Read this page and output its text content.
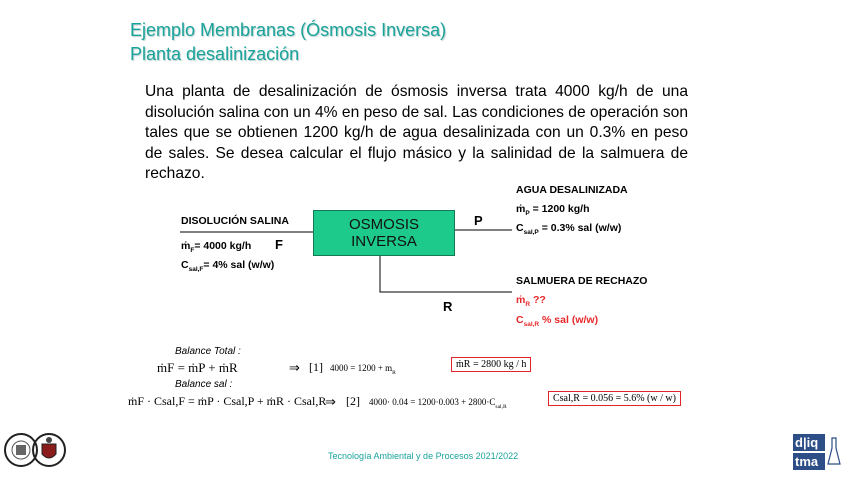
Ejemplo Membranas (Ósmosis Inversa)
Planta desalinización
Una planta de desalinización de ósmosis inversa trata 4000 kg/h de una disolución salina con un 4% en peso de sal. Las condiciones de operación son tales que se obtienen 1200 kg/h de agua desalinizada con un 0.3% en peso de sales. Se desea calcular el flujo másico y la salinidad de la salmuera de rechazo.
OSMOSIS
INVERSA
DISOLUCIÓN SALINA
F
ṁ$_F$= 4000 kg/h
$C_{sal,F}= 4\%$ sal (w/w)
AGUA DESALINIZADA
P
ṁ$_P$ = 1200 kg/h
$C_{sal,P} = 0.3\%$ sal (w/w)
SALMUERA DE RECHAZO
R	ṁ$_R$ ??
$C_{sal,R}$ % sal (w/w)
Balance Total :
ṁF = ṁP + ṁR	⇒ [1] $4000 = 1200 + m_R$
ṁR = 2800 kg / h
Balance sal :
ṁF · Csal,F = ṁP · Csal,P + ṁR · Csal,R
⇒ [2] $4000\cdot 0.04 = 1200\cdot 0.003 + 2800\cdot C_{sal,R}$
Csal,R = 0.056 = 5.6% (w / w)
Tecnología Ambiental y de Procesos 2021/2022
d|iq
tma
